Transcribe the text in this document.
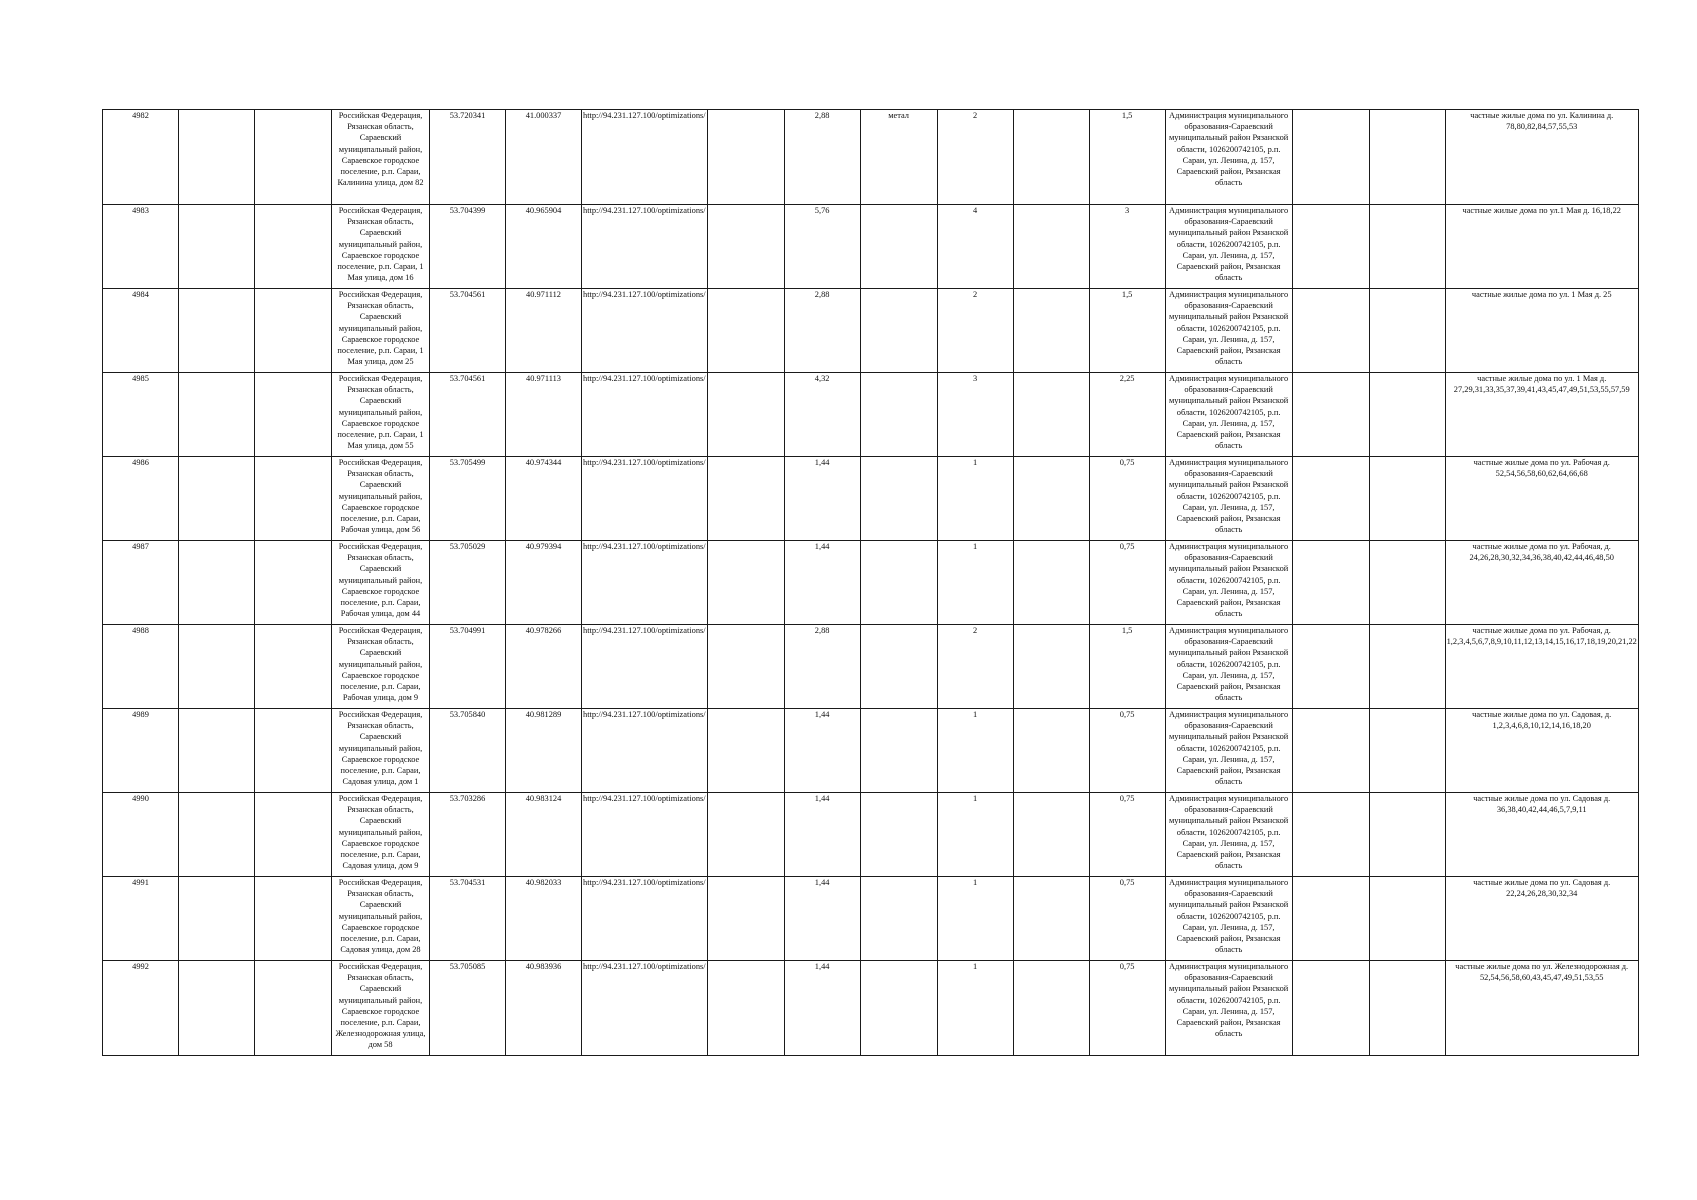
4982			Российская Федерация, Рязанская область, Сараевский муниципальный район, Сараевское городское поселение, р.п. Сараи, Калинина улица, дом 82	53.720341	41.000337	http://94.231.127.100/optimizations/		2,88	метал	2		1,5	Администрация муниципального образования-Сараевский муниципальный район Рязанской области, 1026200742105, р.п. Сараи, ул. Ленина, д. 157, Сараевский район, Рязанская область			частные жилые дома по ул. Калинина д. 78,80,82,84,57,55,53
4983			Российская Федерация, Рязанская область, Сараевский муниципальный район, Сараевское городское поселение, р.п. Сараи, 1 Мая улица, дом 16	53.704399	40.965904	http://94.231.127.100/optimizations/		5,76		4		3	Администрация муниципального образования-Сараевский муниципальный район Рязанской области, 1026200742105, р.п. Сараи, ул. Ленина, д. 157, Сараевский район, Рязанская область			частные жилые дома по ул.1 Мая д. 16,18,22
4984			Российская Федерация, Рязанская область, Сараевский муниципальный район, Сараевское городское поселение, р.п. Сараи, 1 Мая улица, дом 25	53.704561	40.971112	http://94.231.127.100/optimizations/		2,88		2		1,5	Администрация муниципального образования-Сараевский муниципальный район Рязанской области, 1026200742105, р.п. Сараи, ул. Ленина, д. 157, Сараевский район, Рязанская область			частные жилые дома по ул. 1 Мая д. 25
4985			Российская Федерация, Рязанская область, Сараевский муниципальный район, Сараевское городское поселение, р.п. Сараи, 1 Мая улица, дом 55	53.704561	40.971113	http://94.231.127.100/optimizations/		4,32		3		2,25	Администрация муниципального образования-Сараевский муниципальный район Рязанской области, 1026200742105, р.п. Сараи, ул. Ленина, д. 157, Сараевский район, Рязанская область			частные жилые дома по ул. 1 Мая д. 27,29,31,33,35,37,39,41,43,45,47,49,51,53,55,57,59
4986			Российская Федерация, Рязанская область, Сараевский муниципальный район, Сараевское городское поселение, р.п. Сараи, Рабочая улица, дом 56	53.705499	40.974344	http://94.231.127.100/optimizations/		1,44		1		0,75	Администрация муниципального образования-Сараевский муниципальный район Рязанской области, 1026200742105, р.п. Сараи, ул. Ленина, д. 157, Сараевский район, Рязанская область			частные жилые дома по ул. Рабочая д. 52,54,56,58,60,62,64,66,68
4987			Российская Федерация, Рязанская область, Сараевский муниципальный район, Сараевское городское поселение, р.п. Сараи, Рабочая улица, дом 44	53.705029	40.979394	http://94.231.127.100/optimizations/		1,44		1		0,75	Администрация муниципального образования-Сараевский муниципальный район Рязанской области, 1026200742105, р.п. Сараи, ул. Ленина, д. 157, Сараевский район, Рязанская область			частные жилые дома по ул. Рабочая, д. 24,26,28,30,32,34,36,38,40,42,44,46,48,50
4988			Российская Федерация, Рязанская область, Сараевский муниципальный район, Сараевское городское поселение, р.п. Сараи, Рабочая улица, дом 9	53.704991	40.978266	http://94.231.127.100/optimizations/		2,88		2		1,5	Администрация муниципального образования-Сараевский муниципальный район Рязанской области, 1026200742105, р.п. Сараи, ул. Ленина, д. 157, Сараевский район, Рязанская область			частные жилые дома по ул. Рабочая, д. 1,2,3,4,5,6,7,8,9,10,11,12,13,14,15,16,17,18,19,20,21,22
4989			Российская Федерация, Рязанская область, Сараевский муниципальный район, Сараевское городское поселение, р.п. Сараи, Садовая улица, дом 1	53.705840	40.981289	http://94.231.127.100/optimizations/		1,44		1		0,75	Администрация муниципального образования-Сараевский муниципальный район Рязанской области, 1026200742105, р.п. Сараи, ул. Ленина, д. 157, Сараевский район, Рязанская область			частные жилые дома по ул. Садовая, д. 1,2,3,4,6,8,10,12,14,16,18,20
4990			Российская Федерация, Рязанская область, Сараевский муниципальный район, Сараевское городское поселение, р.п. Сараи, Садовая улица, дом 9	53.703286	40.983124	http://94.231.127.100/optimizations/		1,44		1		0,75	Администрация муниципального образования-Сараевский муниципальный район Рязанской области, 1026200742105, р.п. Сараи, ул. Ленина, д. 157, Сараевский район, Рязанская область			частные жилые дома по ул. Садовая д. 36,38,40,42,44,46,5,7,9,11
4991			Российская Федерация, Рязанская область, Сараевский муниципальный район, Сараевское городское поселение, р.п. Сараи, Садовая улица, дом 28	53.704531	40.982033	http://94.231.127.100/optimizations/		1,44		1		0,75	Администрация муниципального образования-Сараевский муниципальный район Рязанской области, 1026200742105, р.п. Сараи, ул. Ленина, д. 157, Сараевский район, Рязанская область			частные жилые дома по ул. Садовая д. 22,24,26,28,30,32,34
4992			Российская Федерация, Рязанская область, Сараевский муниципальный район, Сараевское городское поселение, р.п. Сараи, Железнодорожная улица, дом 58	53.705085	40.983936	http://94.231.127.100/optimizations/		1,44		1		0,75	Администрация муниципального образования-Сараевский муниципальный район Рязанской области, 1026200742105, р.п. Сараи, ул. Ленина, д. 157, Сараевский район, Рязанская область			частные жилые дома по ул. Железнодорожная д. 52,54,56,58,60,43,45,47,49,51,53,55
